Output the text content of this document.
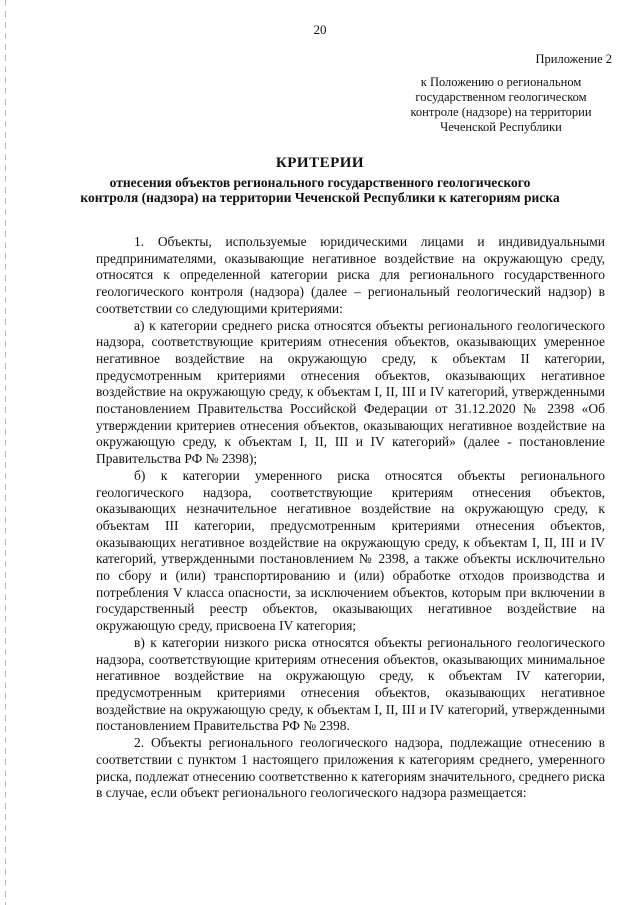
20
Приложение 2
к Положению о региональном государственном геологическом контроле (надзоре) на территории Чеченской Республики
КРИТЕРИИ
отнесения объектов регионального государственного геологического контроля (надзора) на территории Чеченской Республики к категориям риска

1. Объекты, используемые юридическими лицами и индивидуальными предпринимателями, оказывающие негативное воздействие на окружающую среду, относятся к определенной категории риска для регионального государственного геологического контроля (надзора) (далее – региональный геологический надзор) в соответствии со следующими критериями:

а) к категории среднего риска относятся объекты регионального геологического надзора, соответствующие критериям отнесения объектов, оказывающих умеренное негативное воздействие на окружающую среду, к объектам II категории, предусмотренным критериями отнесения объектов, оказывающих негативное воздействие на окружающую среду, к объектам I, II, III и IV категорий, утвержденными постановлением Правительства Российской Федерации от 31.12.2020 № 2398 «Об утверждении критериев отнесения объектов, оказывающих негативное воздействие на окружающую среду, к объектам I, II, III и IV категорий» (далее - постановление Правительства РФ № 2398);

б) к категории умеренного риска относятся объекты регионального геологического надзора, соответствующие критериям отнесения объектов, оказывающих незначительное негативное воздействие на окружающую среду, к объектам III категории, предусмотренным критериями отнесения объектов, оказывающих негативное воздействие на окружающую среду, к объектам I, II, III и IV категорий, утвержденными постановлением № 2398, а также объекты исключительно по сбору и (или) транспортированию и (или) обработке отходов производства и потребления V класса опасности, за исключением объектов, которым при включении в государственный реестр объектов, оказывающих негативное воздействие на окружающую среду, присвоена IV категория;

в) к категории низкого риска относятся объекты регионального геологического надзора, соответствующие критериям отнесения объектов, оказывающих минимальное негативное воздействие на окружающую среду, к объектам IV категории, предусмотренным критериями отнесения объектов, оказывающих негативное воздействие на окружающую среду, к объектам I, II, III и IV категорий, утвержденными постановлением Правительства РФ № 2398.

2. Объекты регионального геологического надзора, подлежащие отнесению в соответствии с пунктом 1 настоящего приложения к категориям среднего, умеренного риска, подлежат отнесению соответственно к категориям значительного, среднего риска в случае, если объект регионального геологического надзора размещается:
